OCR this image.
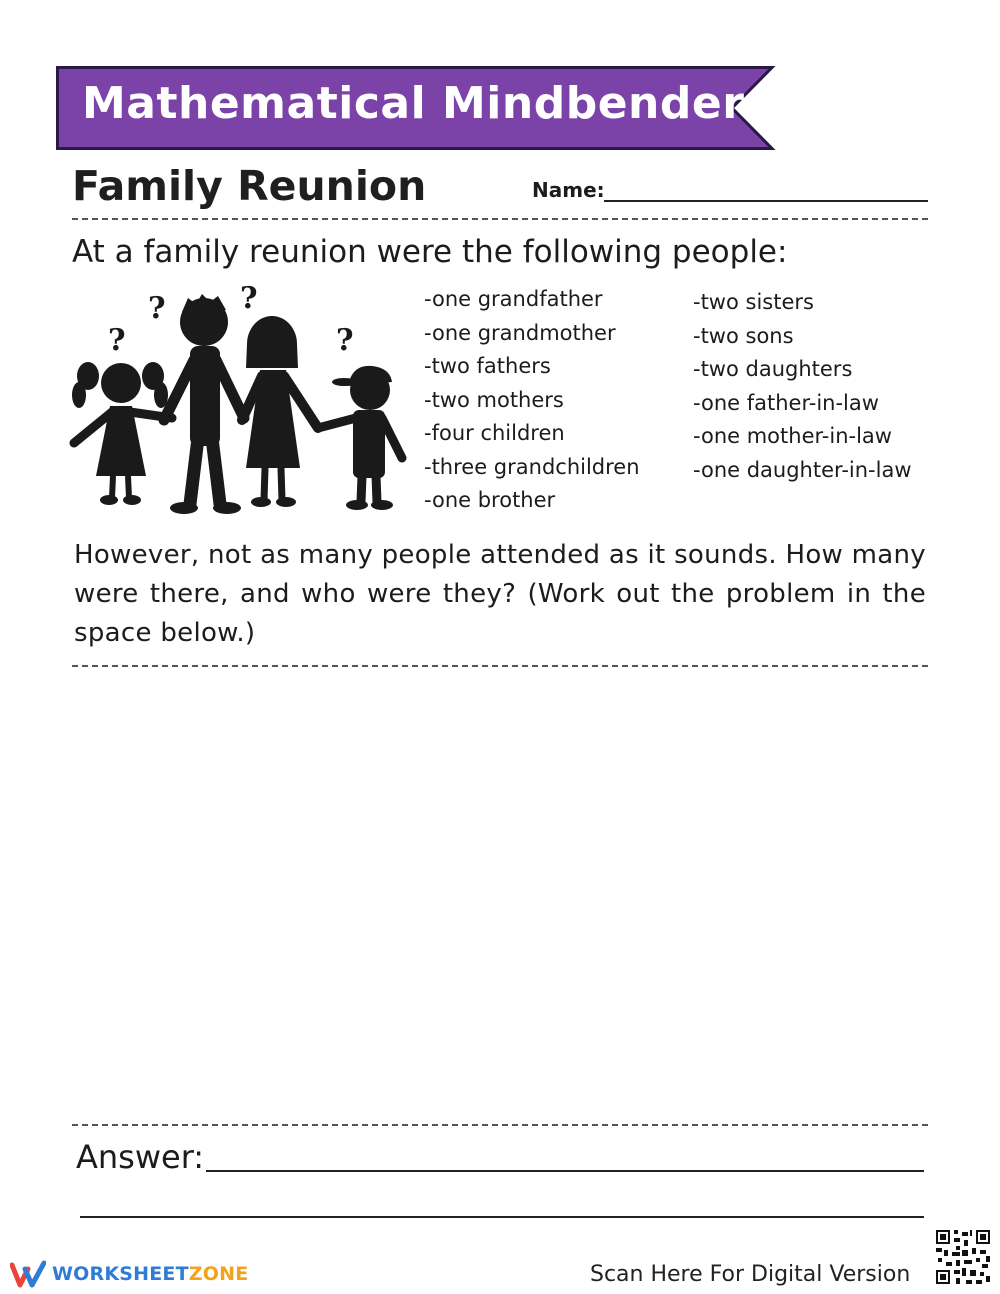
Mathematical Mindbenders!
Family Reunion	Name:

At a family reunion were the following people:

?
? ?
?
-one grandfather
-one grandmother
-two fathers
-two mothers
-four children
-three grandchildren
-one brother
-two sisters
-two sons
-two daughters
-one father-in-law
-one mother-in-law
-one daughter-in-law

However, not as many people attended as it sounds. How many were there, and who were they? (Work out the problem in the space below.)

Answer:
WORKSHEETZONE	Scan Here For Digital Version
